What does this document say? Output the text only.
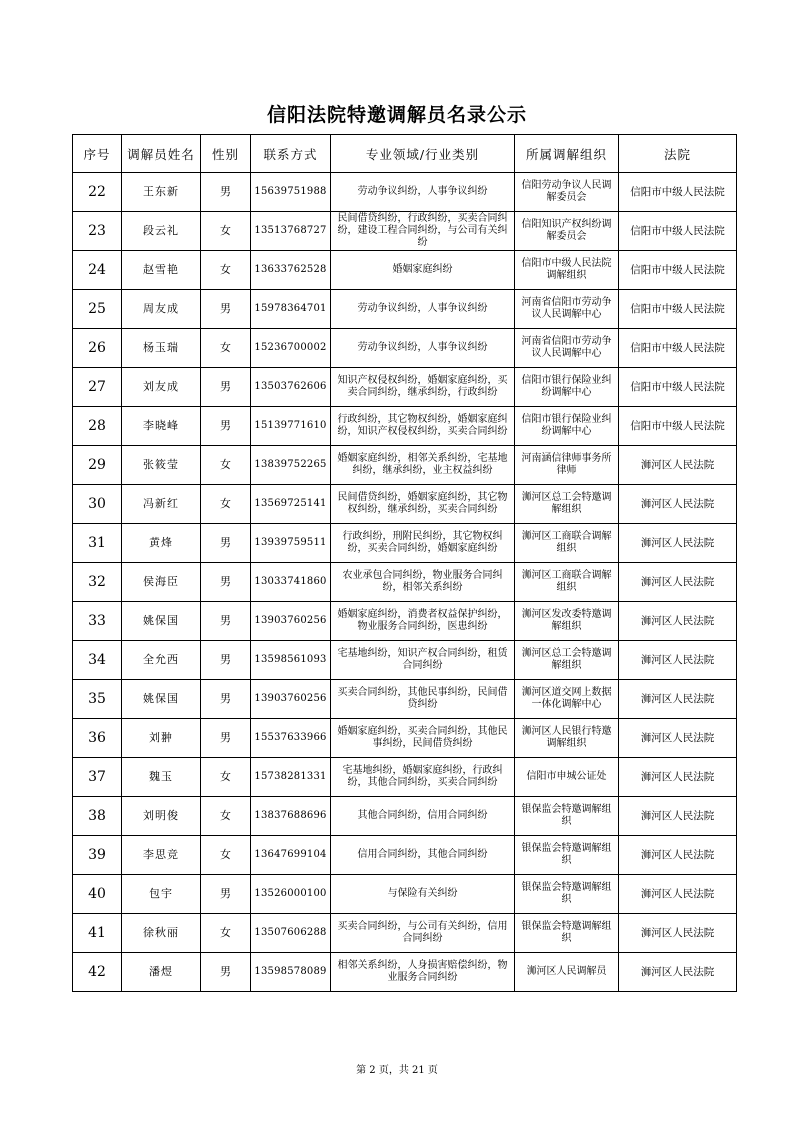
信阳法院特邀调解员名录公示
序号	调解员姓名	性别	联系方式	专业领域/行业类别	所属调解组织	法院
22	王东新	男	15639751988	劳动争议纠纷，人事争议纠纷	信阳劳动争议人民调解委员会	信阳市中级人民法院
23	段云礼	女	13513768727	民间借贷纠纷，行政纠纷，买卖合同纠纷，建设工程合同纠纷，与公司有关纠纷	信阳知识产权纠纷调解委员会	信阳市中级人民法院
24	赵雪艳	女	13633762528	婚姻家庭纠纷	信阳市中级人民法院调解组织	信阳市中级人民法院
25	周友成	男	15978364701	劳动争议纠纷，人事争议纠纷	河南省信阳市劳动争议人民调解中心	信阳市中级人民法院
26	杨玉瑞	女	15236700002	劳动争议纠纷，人事争议纠纷	河南省信阳市劳动争议人民调解中心	信阳市中级人民法院
27	刘友成	男	13503762606	知识产权侵权纠纷，婚姻家庭纠纷，买卖合同纠纷，继承纠纷，行政纠纷	信阳市银行保险业纠纷调解中心	信阳市中级人民法院
28	李晓峰	男	15139771610	行政纠纷，其它物权纠纷，婚姻家庭纠纷，知识产权侵权纠纷，买卖合同纠纷	信阳市银行保险业纠纷调解中心	信阳市中级人民法院
29	张筱莹	女	13839752265	婚姻家庭纠纷，相邻关系纠纷，宅基地纠纷，继承纠纷，业主权益纠纷	河南涵信律师事务所律师	浉河区人民法院
30	冯新红	女	13569725141	民间借贷纠纷，婚姻家庭纠纷，其它物权纠纷，继承纠纷，买卖合同纠纷	浉河区总工会特邀调解组织	浉河区人民法院
31	黄烽	男	13939759511	行政纠纷，刑附民纠纷，其它物权纠纷，买卖合同纠纷，婚姻家庭纠纷	浉河区工商联合调解组织	浉河区人民法院
32	侯海臣	男	13033741860	农业承包合同纠纷，物业服务合同纠纷，相邻关系纠纷	浉河区工商联合调解组织	浉河区人民法院
33	姚保国	男	13903760256	婚姻家庭纠纷，消费者权益保护纠纷，物业服务合同纠纷，医患纠纷	浉河区发改委特邀调解组织	浉河区人民法院
34	全允西	男	13598561093	宅基地纠纷，知识产权合同纠纷，租赁合同纠纷	浉河区总工会特邀调解组织	浉河区人民法院
35	姚保国	男	13903760256	买卖合同纠纷，其他民事纠纷，民间借贷纠纷	浉河区道交网上数据一体化调解中心	浉河区人民法院
36	刘翀	男	15537633966	婚姻家庭纠纷，买卖合同纠纷，其他民事纠纷，民间借贷纠纷	浉河区人民银行特邀调解组织	浉河区人民法院
37	魏玉	女	15738281331	宅基地纠纷，婚姻家庭纠纷，行政纠纷，其他合同纠纷，买卖合同纠纷	信阳市申城公证处	浉河区人民法院
38	刘明俊	女	13837688696	其他合同纠纷，信用合同纠纷	银保监会特邀调解组织	浉河区人民法院
39	李思竞	女	13647699104	信用合同纠纷，其他合同纠纷	银保监会特邀调解组织	浉河区人民法院
40	包宇	男	13526000100	与保险有关纠纷	银保监会特邀调解组织	浉河区人民法院
41	徐秋丽	女	13507606288	买卖合同纠纷，与公司有关纠纷，信用合同纠纷	银保监会特邀调解组织	浉河区人民法院
42	潘煜	男	13598578089	相邻关系纠纷，人身损害赔偿纠纷，物业服务合同纠纷	浉河区人民调解员	浉河区人民法院
第 2 页，共 21 页
